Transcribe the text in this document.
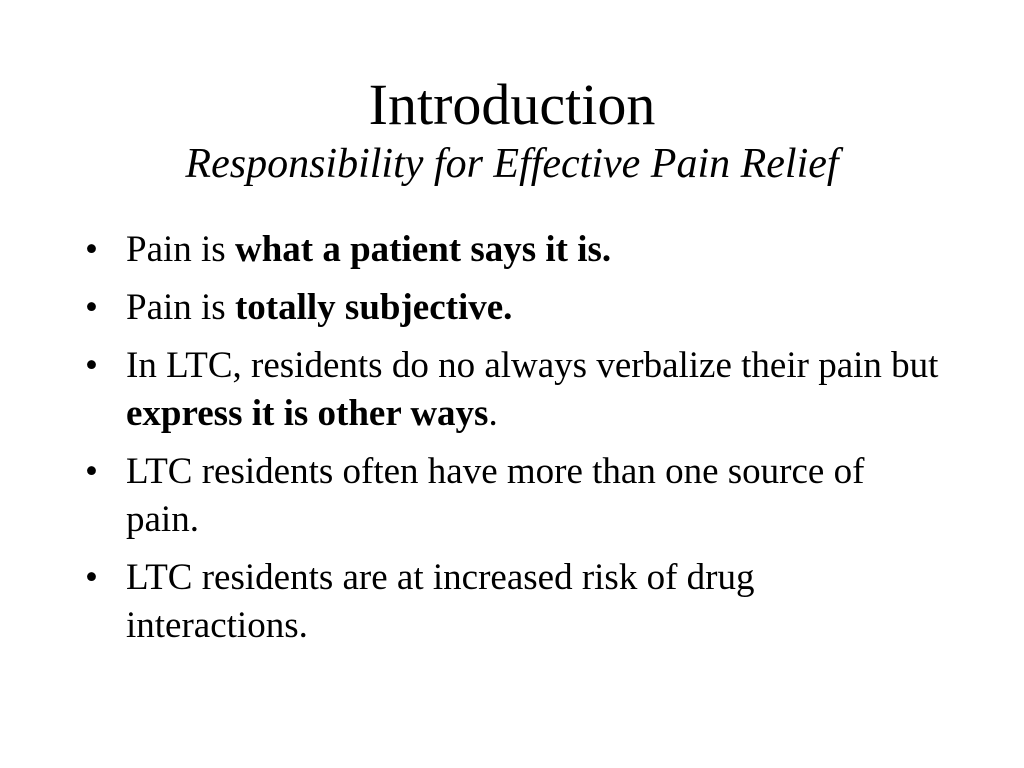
Introduction
Responsibility for Effective Pain Relief
• Pain is what a patient says it is.
• Pain is totally subjective.
• In LTC, residents do no always verbalize their pain but express it is other ways.
• LTC residents often have more than one source of pain.
• LTC residents are at increased risk of drug interactions.
